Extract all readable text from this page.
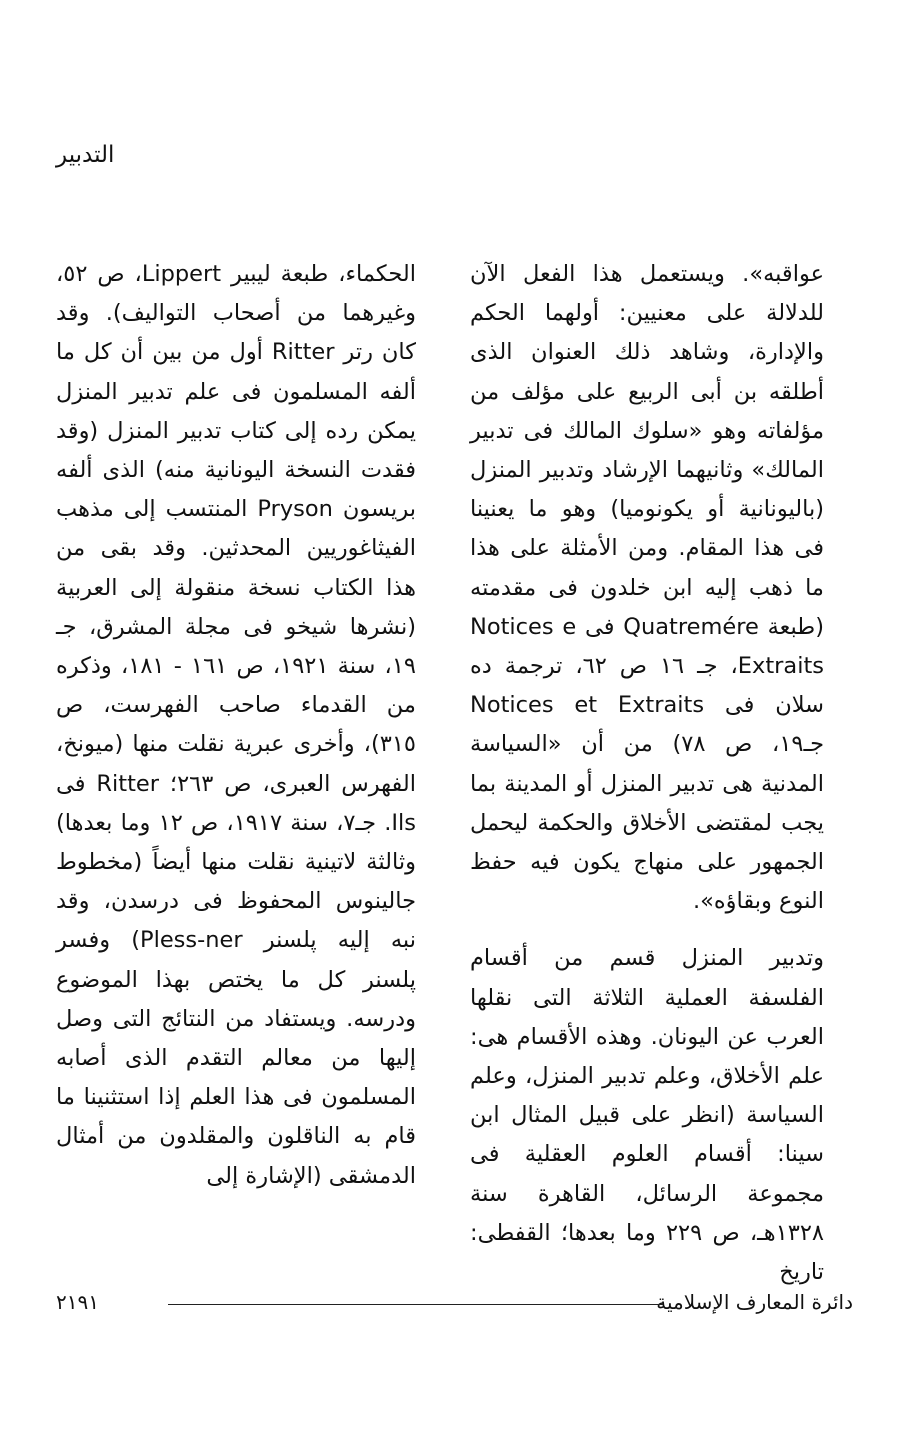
التدبير

عواقبه». ويستعمل هذا الفعل الآن للدلالة على معنيين: أولهما الحكم والإدارة، وشاهد ذلك العنوان الذى أطلقه بن أبى الربيع على مؤلف من مؤلفاته وهو «سلوك المالك فى تدبير المالك» وثانيهما الإرشاد وتدبير المنزل (باليونانية أو يكونوميا) وهو ما يعنينا فى هذا المقام. ومن الأمثلة على هذا ما ذهب إليه ابن خلدون فى مقدمته (طبعة Quatremére فى Notices e Extraits، جـ ١٦ ص ٦٢، ترجمة ده سلان فى Notices et Extraits جـ١٩، ص ٧٨) من أن «السياسة المدنية هى تدبير المنزل أو المدينة بما يجب لمقتضى الأخلاق والحكمة ليحمل الجمهور على منهاج يكون فيه حفظ النوع وبقاؤه».

وتدبير المنزل قسم من أقسام الفلسفة العملية الثلاثة التى نقلها العرب عن اليونان. وهذه الأقسام هى: علم الأخلاق، وعلم تدبير المنزل، وعلم السياسة (انظر على قبيل المثال ابن سينا: أقسام العلوم العقلية فى مجموعة الرسائل، القاهرة سنة ١٣٢٨هـ، ص ٢٢٩ وما بعدها؛ القفطى: تاريخ

الحكماء، طبعة ليبير Lippert، ص ٥٢، وغيرهما من أصحاب التواليف). وقد كان رتر Ritter أول من بين أن كل ما ألفه المسلمون فى علم تدبير المنزل يمكن رده إلى كتاب تدبير المنزل (وقد فقدت النسخة اليونانية منه) الذى ألفه بريسون Pryson المنتسب إلى مذهب الفيثاغوريين المحدثين. وقد بقى من هذا الكتاب نسخة منقولة إلى العربية (نشرها شيخو فى مجلة المشرق، جـ ١٩، سنة ١٩٢١، ص ١٦١ - ١٨١، وذكره من القدماء صاحب الفهرست، ص ٣١٥)، وأخرى عبرية نقلت منها (ميونخ، الفهرس العبرى، ص ٢٦٣؛ Ritter فى Ils. جـ٧، سنة ١٩١٧، ص ١٢ وما بعدها) وثالثة لاتينية نقلت منها أيضاً (مخطوط جالينوس المحفوظ فى درسدن، وقد نبه إليه پلسنر Pless-ner) وفسر پلسنر كل ما يختص بهذا الموضوع ودرسه. ويستفاد من النتائج التى وصل إليها من معالم التقدم الذى أصابه المسلمون فى هذا العلم إذا استثنينا ما قام به الناقلون والمقلدون من أمثال الدمشقى (الإشارة إلى

دائرة المعارف الإسلامية
٢١٩١
